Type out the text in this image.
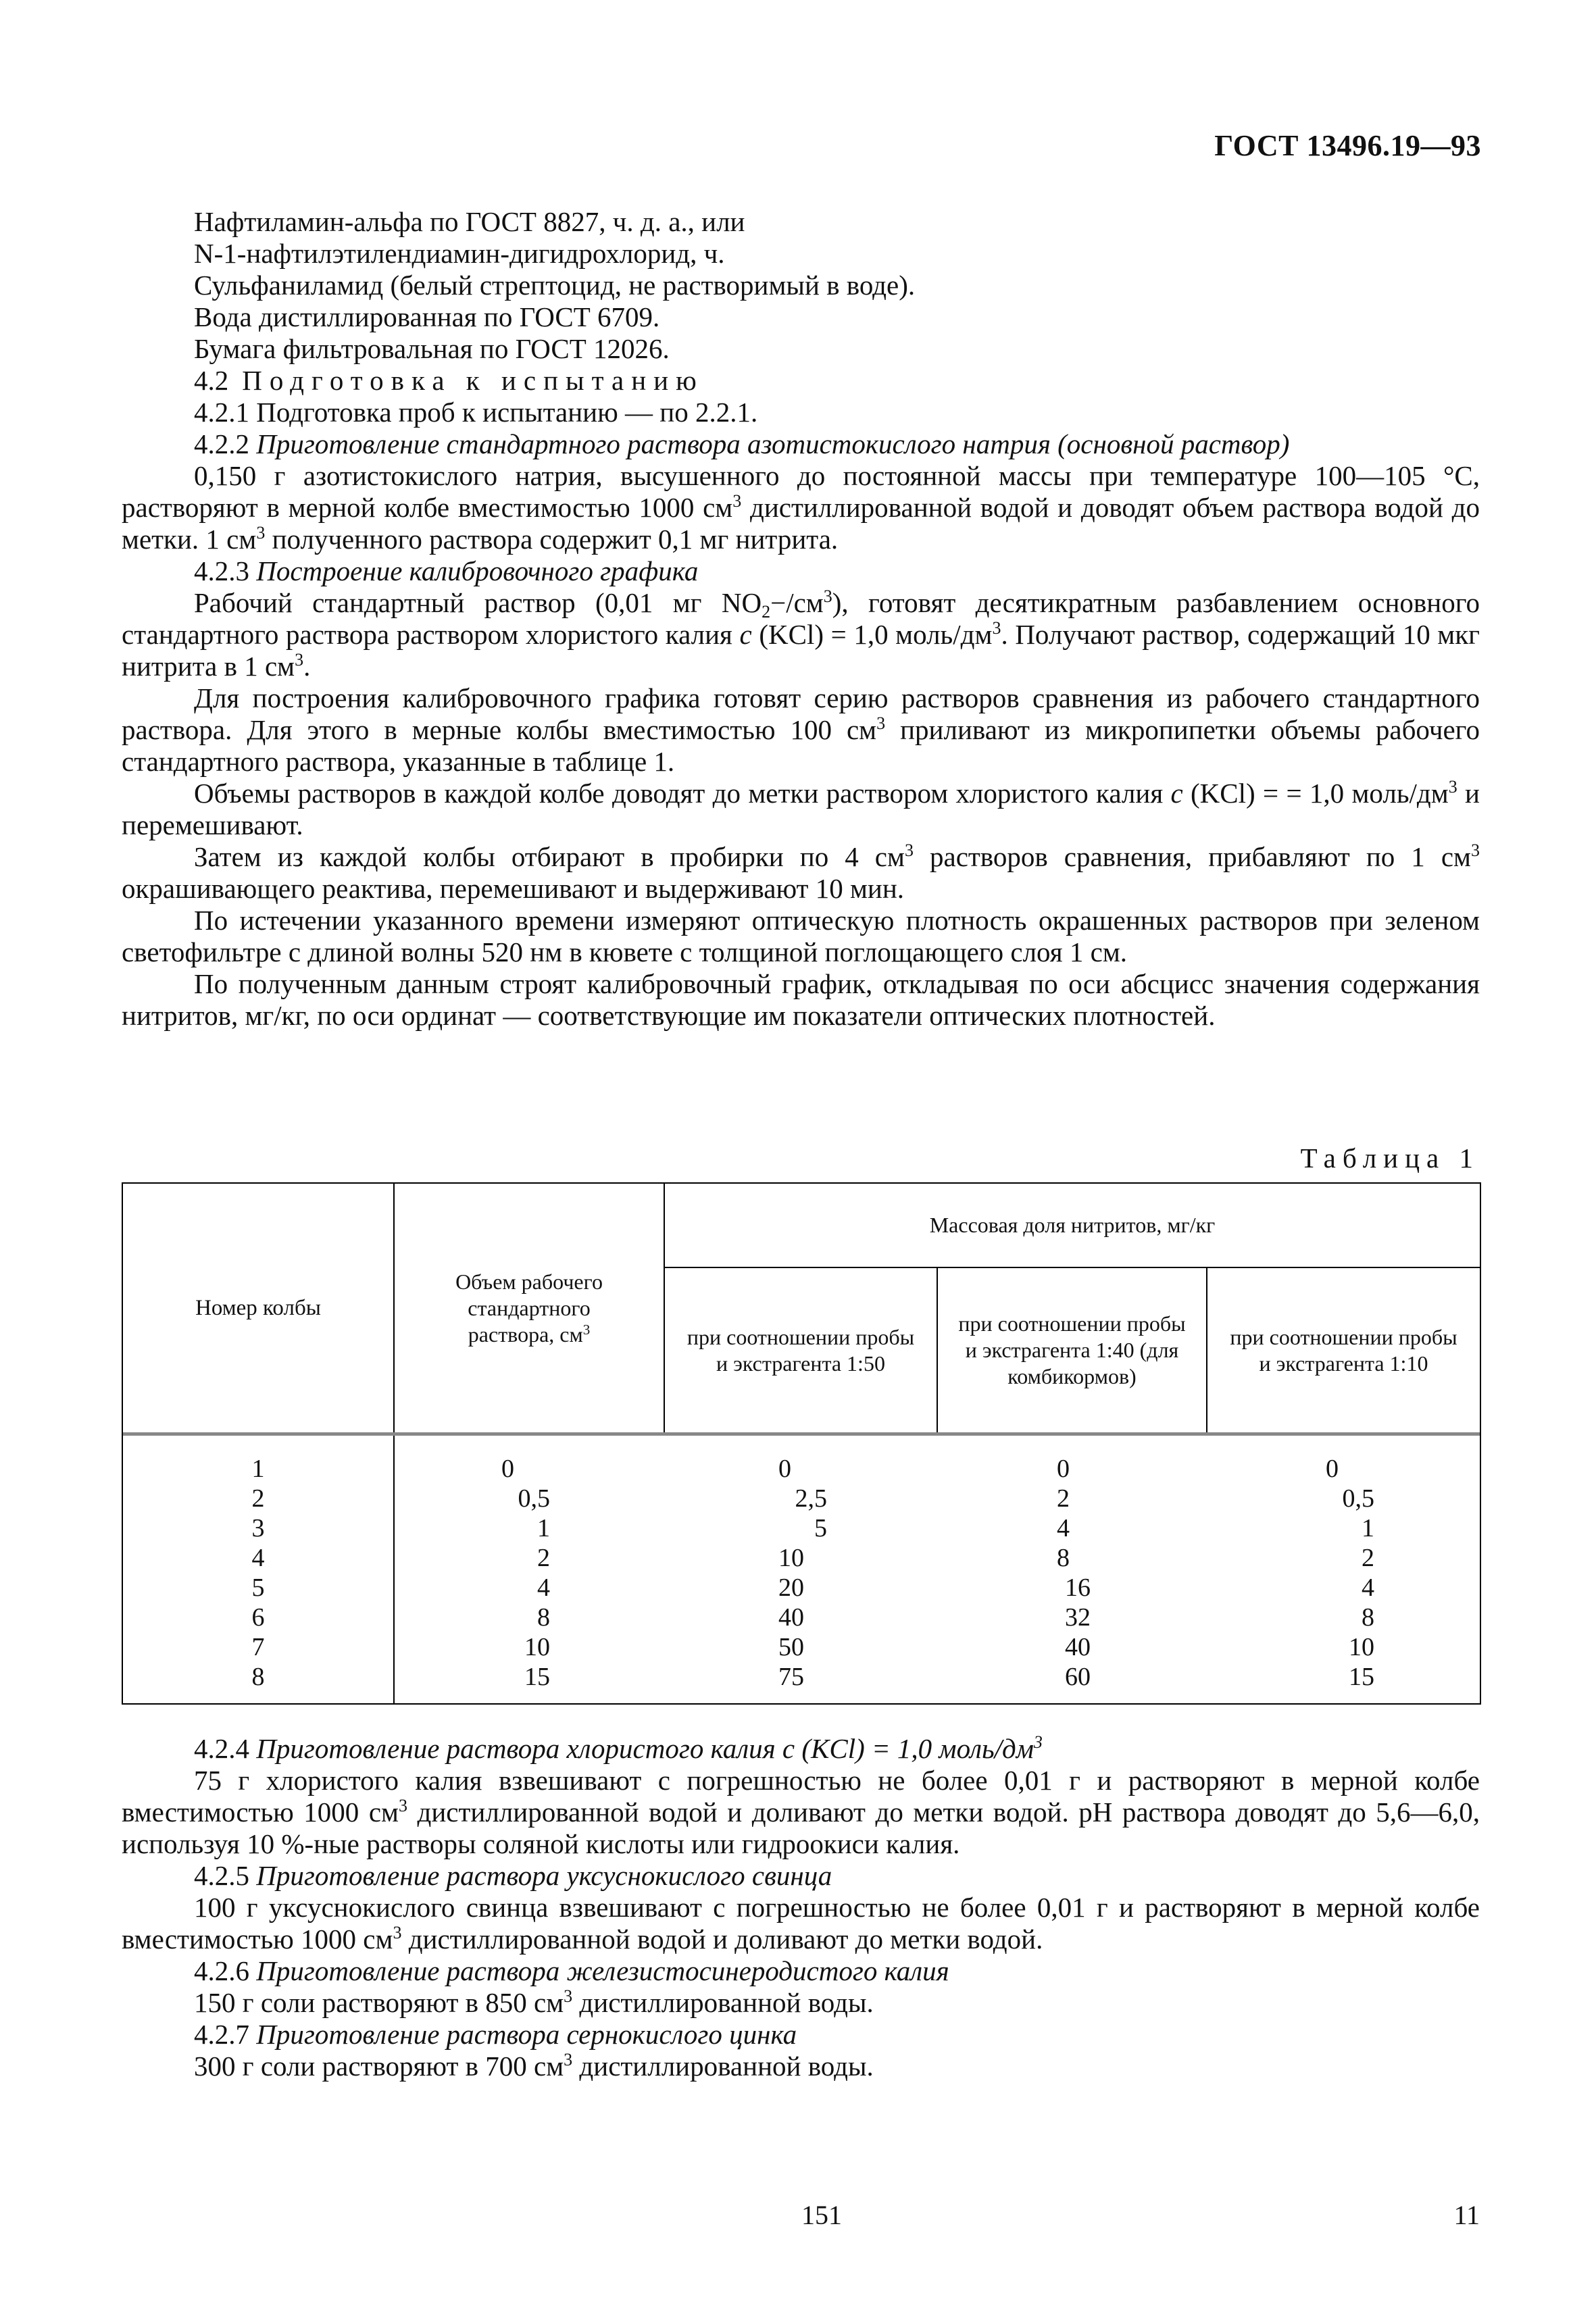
ГОСТ 13496.19—93

Нафтиламин-альфа по ГОСТ 8827, ч. д. а., или

N-1-нафтилэтилендиамин-дигидрохлорид, ч.

Сульфаниламид (белый стрептоцид, не растворимый в воде).

Вода дистиллированная по ГОСТ 6709.

Бумага фильтровальная по ГОСТ 12026.

4.2 Подготовка к испытанию

4.2.1 Подготовка проб к испытанию — по 2.2.1.

4.2.2 Приготовление стандартного раствора азотистокислого натрия (основной раствор)

0,150 г азотистокислого натрия, высушенного до постоянной массы при температуре 100—105 °С, растворяют в мерной колбе вместимостью 1000 $см^3$ дистиллированной водой и доводят объем раствора водой до метки. 1 $см^3$ полученного раствора содержит 0,1 мг нитрита.

4.2.3 Построение калибровочного графика

Рабочий стандартный раствор (0,01 мг $NO_2-/см^3$), готовят десятикратным разбавлением основного стандартного раствора раствором хлористого калия с (KCl) = 1,0 моль/$дм^3$. Получают раствор, содержащий 10 мкг нитрита в 1 $см^3$.

Для построения калибровочного графика готовят серию растворов сравнения из рабочего стандартного раствора. Для этого в мерные колбы вместимостью 100 $см^3$ приливают из микропипетки объемы рабочего стандартного раствора, указанные в таблице 1.

Объемы растворов в каждой колбе доводят до метки раствором хлористого калия с (KCl) = = 1,0 моль/$дм^3$ и перемешивают.

Затем из каждой колбы отбирают в пробирки по 4 $см^3$ растворов сравнения, прибавляют по 1 $см^3$ окрашивающего реактива, перемешивают и выдерживают 10 мин.

По истечении указанного времени измеряют оптическую плотность окрашенных растворов при зеленом светофильтре с длиной волны 520 нм в кювете с толщиной поглощающего слоя 1 см.

По полученным данным строят калибровочный график, откладывая по оси абсцисс значения содержания нитритов, мг/кг, по оси ординат — соответствующие им показатели оптических плотностей.

Таблица 1
Номер колбы
Объем рабочего стандартного раствора, $см^3$
Массовая доля нитритов, мг/кг
при соотношении пробы и экстрагента 1:50
при соотношении пробы и экстрагента 1:40 (для комбикормов)
при соотношении пробы и экстрагента 1:10
1
2
3
4
5
6
7
8
0
0,5
1
2
4
8
10
15
0
2,5
5
10
20
40
50
75
0
2
4
8
16
32
40
60
0
0,5
1
2
4
8
10
15

4.2.4 Приготовление раствора хлористого калия с (KCl) = 1,0 моль/$дм^3$

75 г хлористого калия взвешивают с погрешностью не более 0,01 г и растворяют в мерной колбе вместимостью 1000 $см^3$ дистиллированной водой и доливают до метки водой. рН раствора доводят до 5,6—6,0, используя 10 %-ные растворы соляной кислоты или гидроокиси калия.

4.2.5 Приготовление раствора уксуснокислого свинца

100 г уксуснокислого свинца взвешивают с погрешностью не более 0,01 г и растворяют в мерной колбе вместимостью 1000 $см^3$ дистиллированной водой и доливают до метки водой.

4.2.6 Приготовление раствора железистосинеродистого калия

150 г соли растворяют в 850 $см^3$ дистиллированной воды.

4.2.7 Приготовление раствора сернокислого цинка

300 г соли растворяют в 700 $см^3$ дистиллированной воды.

151	11
